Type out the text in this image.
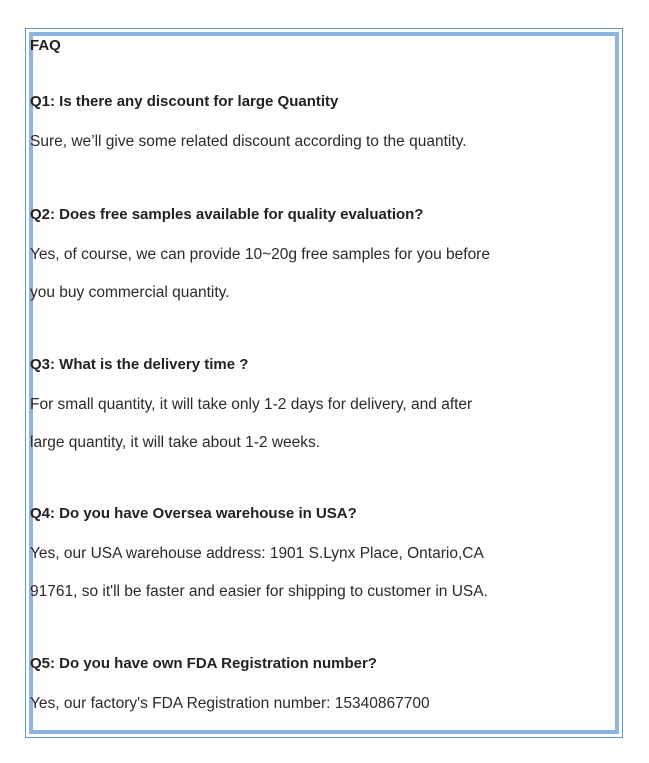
FAQ

Q1: Is there any discount for large Quantity

Sure, we’ll give some related discount according to the quantity.

Q2: Does free samples available for quality evaluation?

Yes, of course, we can provide 10~20g free samples for you before
you buy commercial quantity.

Q3: What is the delivery time ?

For small quantity, it will take only 1-2 days for delivery, and after
large quantity, it will take about 1-2 weeks.

Q4: Do you have Oversea warehouse in USA?

Yes, our USA warehouse address: 1901 S.Lynx Place, Ontario,CA
91761, so it'll be faster and easier for shipping to customer in USA.

Q5: Do you have own FDA Registration number?

Yes, our factory's FDA Registration number: 15340867700
